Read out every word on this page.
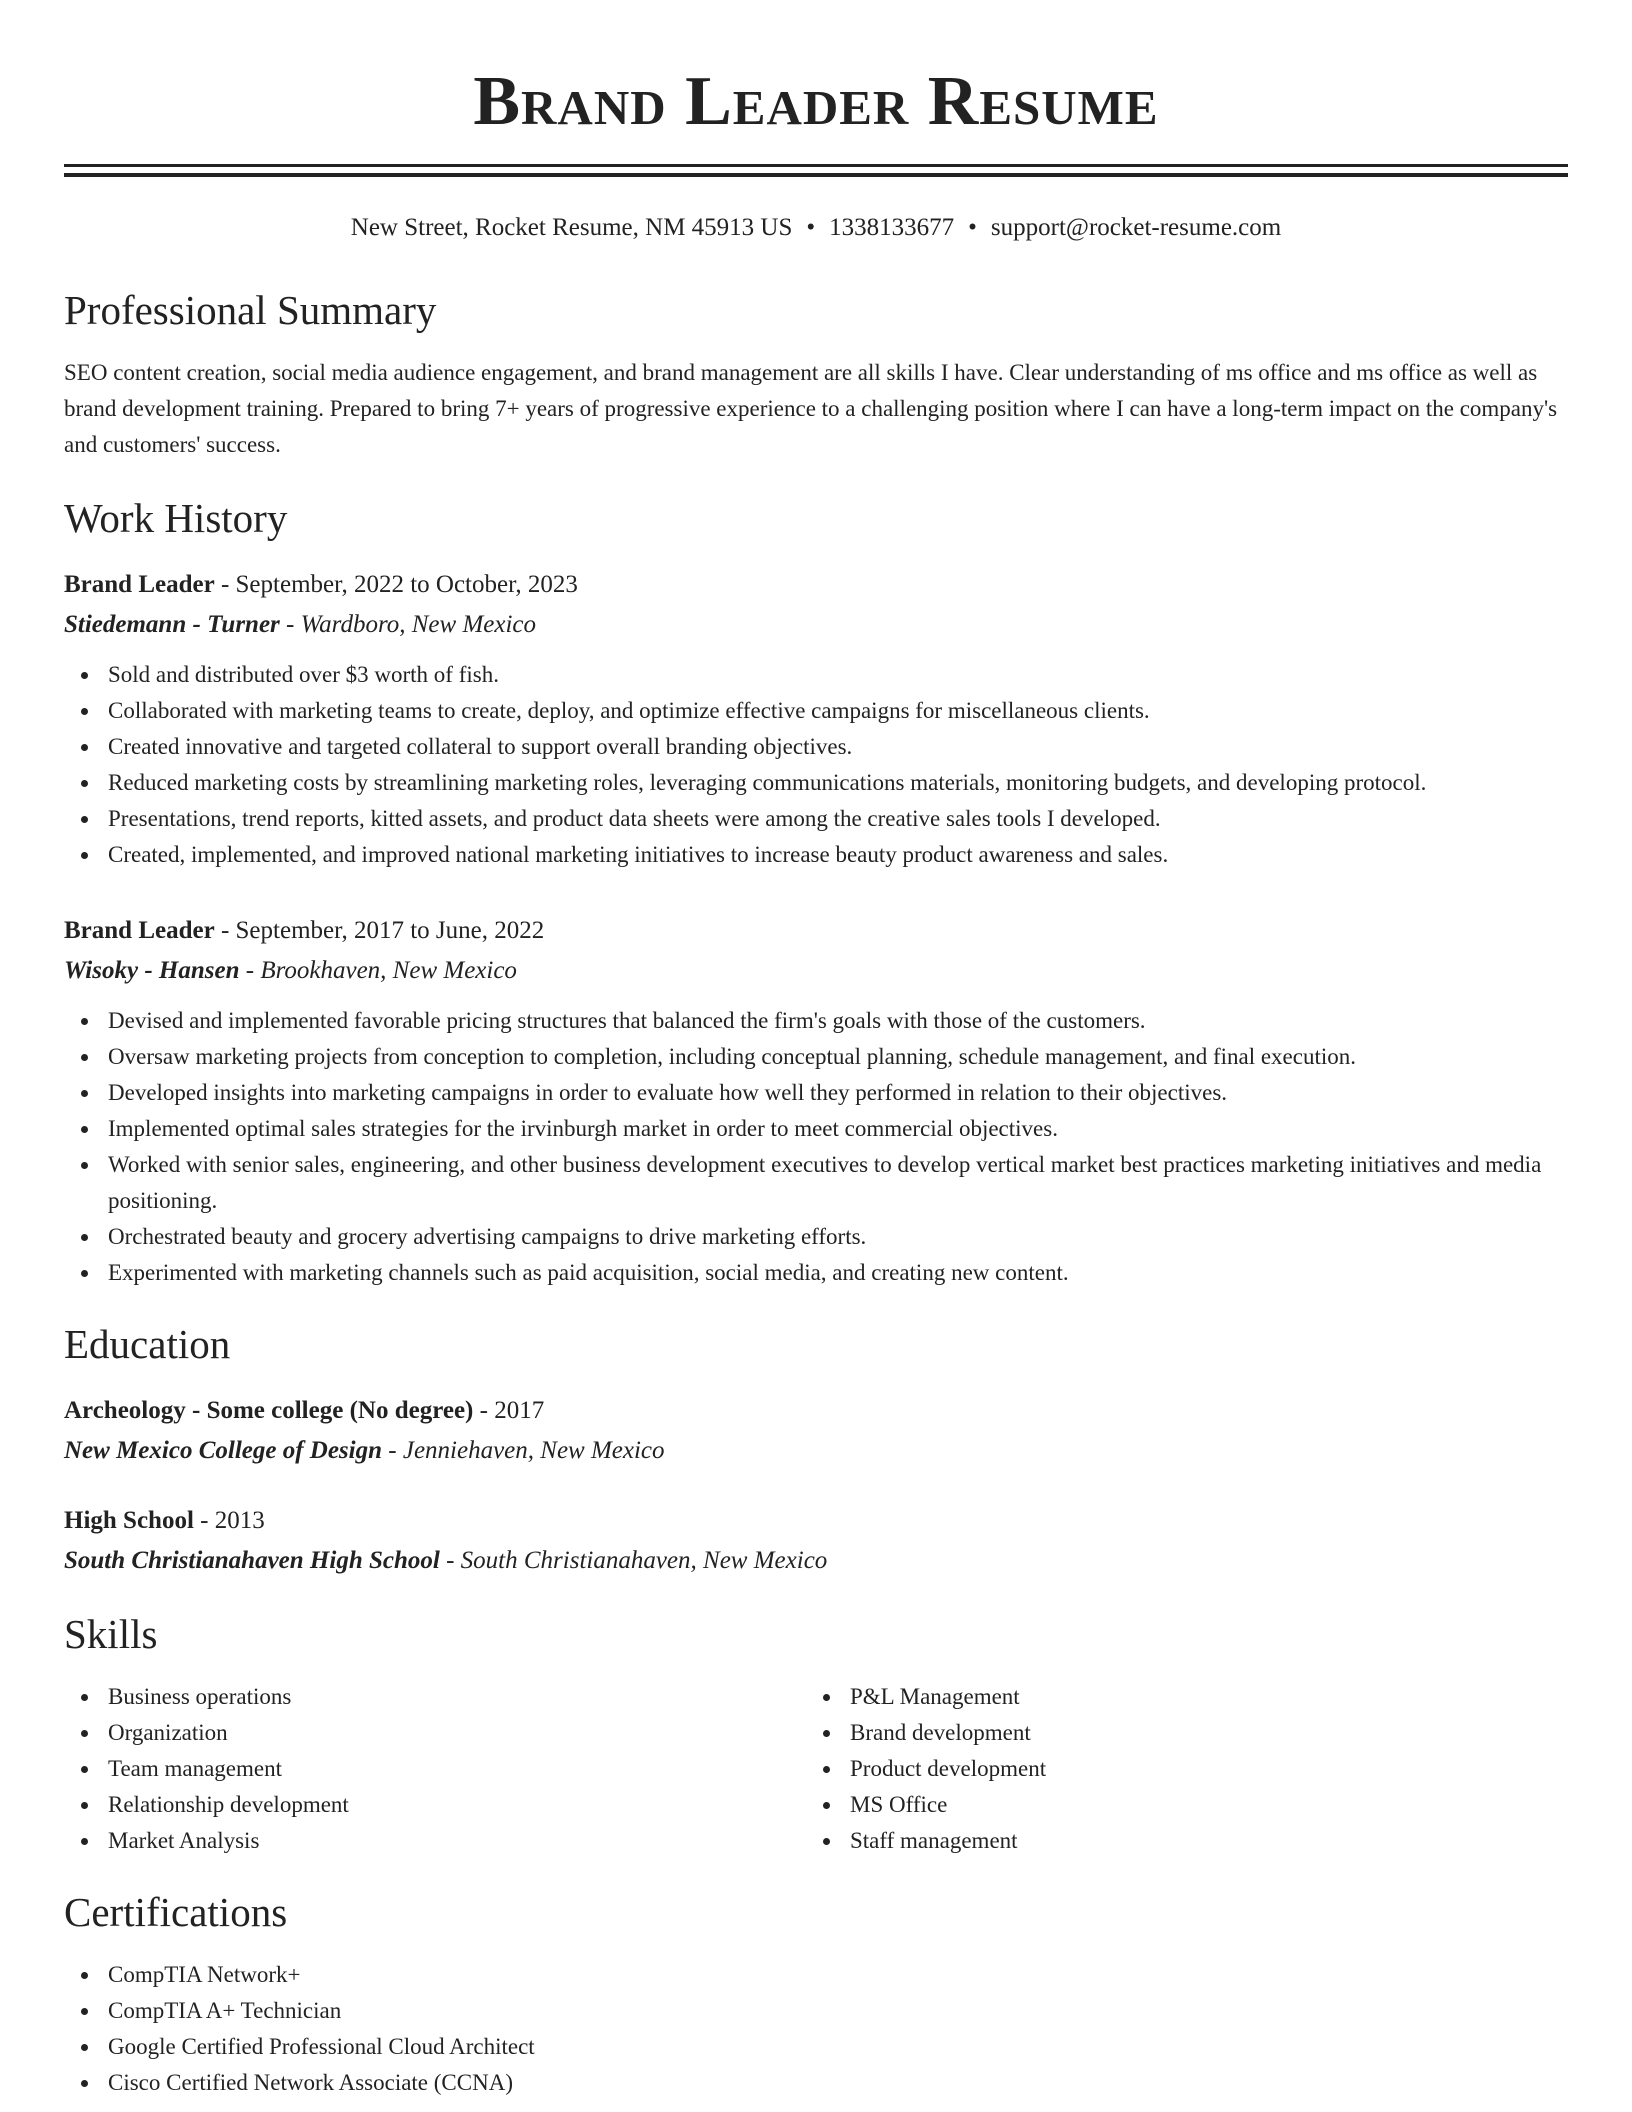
Brand Leader Resume
New Street, Rocket Resume, NM 45913 US • 1338133677 • support@rocket-resume.com
Professional Summary

SEO content creation, social media audience engagement, and brand management are all skills I have. Clear understanding of ms office and ms office as well as brand development training. Prepared to bring 7+ years of progressive experience to a challenging position where I can have a long-term impact on the company's and customers' success.

Work History
Brand Leader - September, 2022 to October, 2023
Stiedemann - Turner - Wardboro, New Mexico
Sold and distributed over $3 worth of fish.
Collaborated with marketing teams to create, deploy, and optimize effective campaigns for miscellaneous clients.
Created innovative and targeted collateral to support overall branding objectives.
Reduced marketing costs by streamlining marketing roles, leveraging communications materials, monitoring budgets, and developing protocol.
Presentations, trend reports, kitted assets, and product data sheets were among the creative sales tools I developed.
Created, implemented, and improved national marketing initiatives to increase beauty product awareness and sales.
Brand Leader - September, 2017 to June, 2022
Wisoky - Hansen - Brookhaven, New Mexico
Devised and implemented favorable pricing structures that balanced the firm's goals with those of the customers.
Oversaw marketing projects from conception to completion, including conceptual planning, schedule management, and final execution.
Developed insights into marketing campaigns in order to evaluate how well they performed in relation to their objectives.
Implemented optimal sales strategies for the irvinburgh market in order to meet commercial objectives.
Worked with senior sales, engineering, and other business development executives to develop vertical market best practices marketing initiatives and media positioning.
Orchestrated beauty and grocery advertising campaigns to drive marketing efforts.
Experimented with marketing channels such as paid acquisition, social media, and creating new content.
Education
Archeology - Some college (No degree) - 2017
New Mexico College of Design - Jenniehaven, New Mexico
High School - 2013
South Christianahaven High School - South Christianahaven, New Mexico
Skills
Business operations
Organization
Team management
Relationship development
Market Analysis
P&L Management
Brand development
Product development
MS Office
Staff management
Certifications
CompTIA Network+
CompTIA A+ Technician
Google Certified Professional Cloud Architect
Cisco Certified Network Associate (CCNA)
